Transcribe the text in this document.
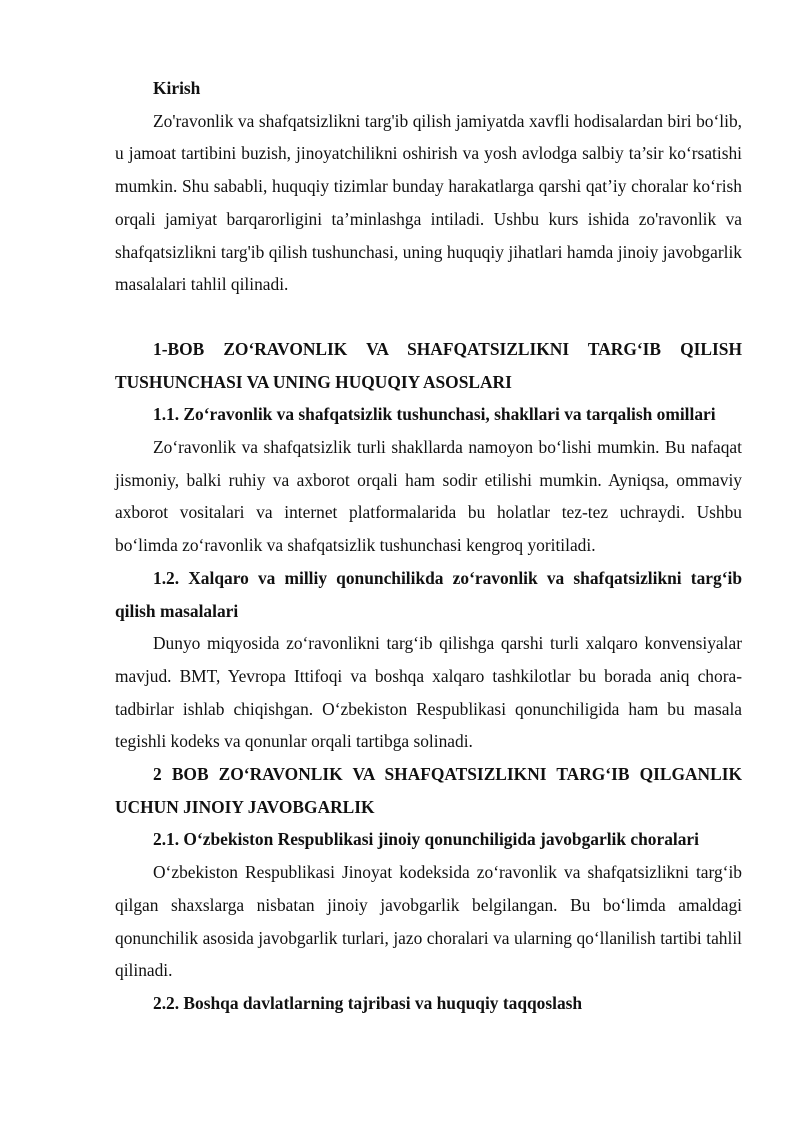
Kirish

Zo'ravonlik va shafqatsizlikni targ'ib qilish jamiyatda xavfli hodisalardan biri bo‘lib, u jamoat tartibini buzish, jinoyatchilikni oshirish va yosh avlodga salbiy ta’sir ko‘rsatishi mumkin. Shu sababli, huquqiy tizimlar bunday harakatlarga qarshi qat’iy choralar ko‘rish orqali jamiyat barqarorligini ta’minlashga intiladi. Ushbu kurs ishida zo'ravonlik va shafqatsizlikni targ'ib qilish tushunchasi, uning huquqiy jihatlari hamda jinoiy javobgarlik masalalari tahlil qilinadi.

1-BOB ZO‘RAVONLIK VA SHAFQATSIZLIKNI TARG‘IB QILISH TUSHUNCHASI VA UNING HUQUQIY ASOSLARI

1.1. Zo‘ravonlik va shafqatsizlik tushunchasi, shakllari va tarqalish omillari

Zo‘ravonlik va shafqatsizlik turli shakllarda namoyon bo‘lishi mumkin. Bu nafaqat jismoniy, balki ruhiy va axborot orqali ham sodir etilishi mumkin. Ayniqsa, ommaviy axborot vositalari va internet platformalarida bu holatlar tez-tez uchraydi. Ushbu bo‘limda zo‘ravonlik va shafqatsizlik tushunchasi kengroq yoritiladi.

1.2. Xalqaro va milliy qonunchilikda zo‘ravonlik va shafqatsizlikni targ‘ib qilish masalalari

Dunyo miqyosida zo‘ravonlikni targ‘ib qilishga qarshi turli xalqaro konvensiyalar mavjud. BMT, Yevropa Ittifoqi va boshqa xalqaro tashkilotlar bu borada aniq chora-tadbirlar ishlab chiqishgan. O‘zbekiston Respublikasi qonunchiligida ham bu masala tegishli kodeks va qonunlar orqali tartibga solinadi.

2 BOB ZO‘RAVONLIK VA SHAFQATSIZLIKNI TARG‘IB QILGANLIK UCHUN JINOIY JAVOBGARLIK

2.1. O‘zbekiston Respublikasi jinoiy qonunchiligida javobgarlik choralari

O‘zbekiston Respublikasi Jinoyat kodeksida zo‘ravonlik va shafqatsizlikni targ‘ib qilgan shaxslarga nisbatan jinoiy javobgarlik belgilangan. Bu bo‘limda amaldagi qonunchilik asosida javobgarlik turlari, jazo choralari va ularning qo‘llanilish tartibi tahlil qilinadi.

2.2. Boshqa davlatlarning tajribasi va huquqiy taqqoslash
